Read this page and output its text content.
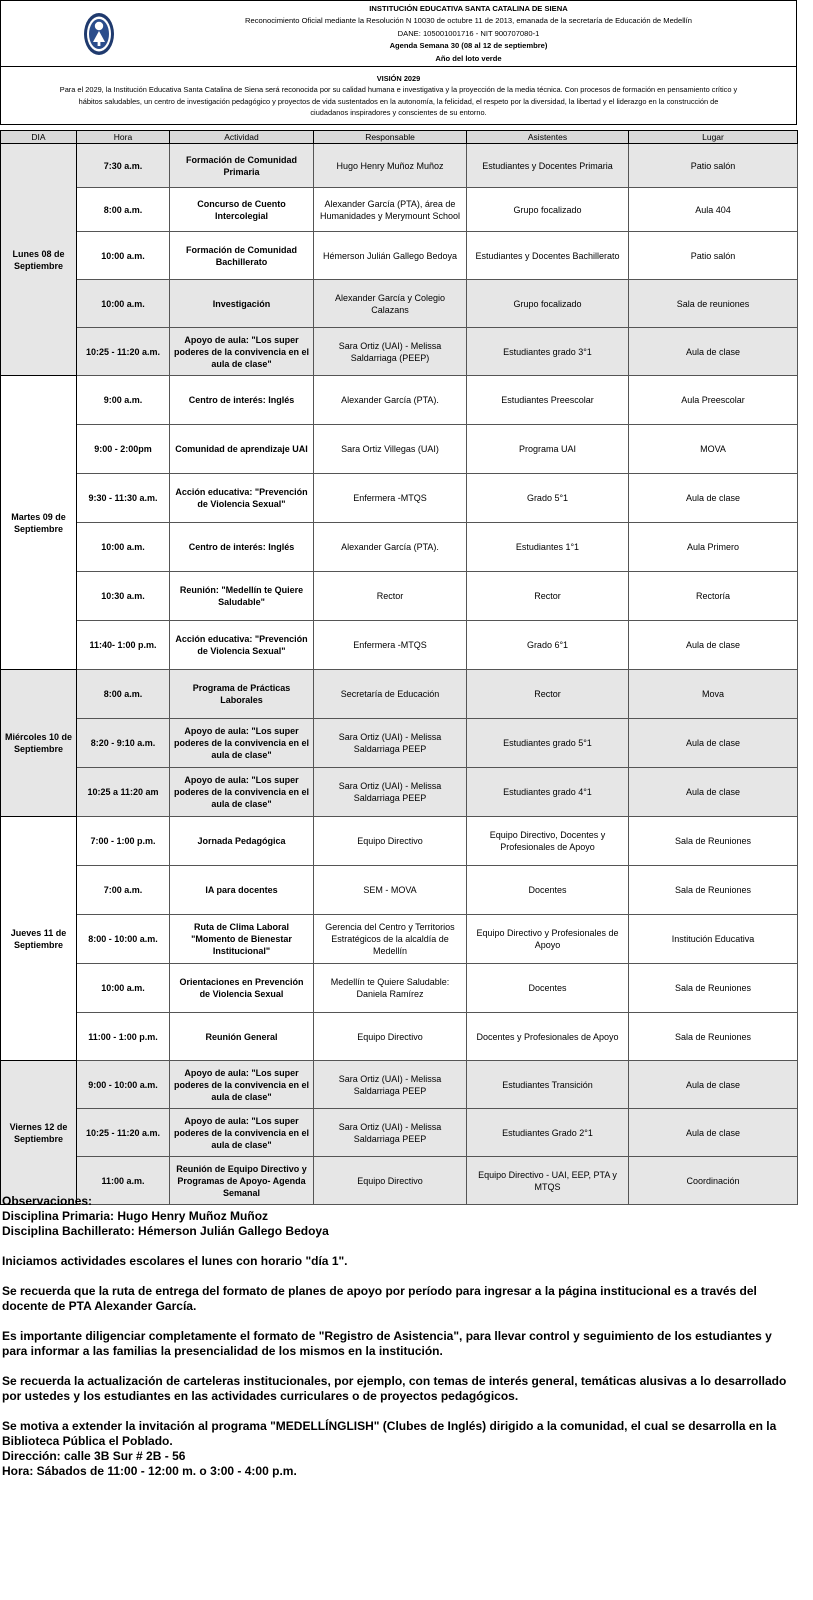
INSTITUCIÓN EDUCATIVA SANTA CATALINA DE SIENA
Reconocimiento Oficial mediante la Resolución N 10030 de octubre 11 de 2013, emanada de la secretaría de Educación de Medellín
DANE: 105001001716 - NIT 900707080-1
Agenda Semana 30 (08 al 12 de septiembre)
Año del loto verde
VISIÓN 2029
Para el 2029, la Institución Educativa Santa Catalina de Siena será reconocida por su calidad humana e investigativa y la proyección de la media técnica. Con procesos de formación en pensamiento crítico y
hábitos saludables, un centro de investigación pedagógico y proyectos de vida sustentados en la autonomía, la felicidad, el respeto por la diversidad, la libertad y el liderazgo en la construcción de
ciudadanos inspiradores y conscientes de su entorno.
DIA	Hora	Actividad	Responsable	Asistentes	Lugar
Lunes 08 de Septiembre	7:30 a.m.	Formación de Comunidad Primaria	Hugo Henry Muñoz Muñoz	Estudiantes y Docentes Primaria	Patio salón
	8:00 a.m.	Concurso de Cuento Intercolegial	Alexander García (PTA), área de Humanidades y Merymount School	Grupo focalizado	Aula 404
	10:00 a.m.	Formación de Comunidad Bachillerato	Hémerson Julián Gallego Bedoya	Estudiantes y Docentes Bachillerato	Patio salón
	10:00 a.m.	Investigación	Alexander García y Colegio Calazans	Grupo focalizado	Sala de reuniones
	10:25 - 11:20 a.m.	Apoyo de aula: "Los super poderes de la convivencia en el aula de clase"	Sara Ortiz (UAI) - Melissa Saldarriaga (PEEP)	Estudiantes grado 3°1	Aula de clase
Martes 09 de Septiembre	9:00 a.m.	Centro de interés: Inglés	Alexander García (PTA).	Estudiantes Preescolar	Aula Preescolar
	9:00 - 2:00pm	Comunidad de aprendizaje UAI	Sara Ortiz Villegas (UAI)	Programa UAI	MOVA
	9:30 - 11:30 a.m.	Acción educativa: "Prevención de Violencia Sexual"	Enfermera -MTQS	Grado 5°1	Aula de clase
	10:00 a.m.	Centro de interés: Inglés	Alexander García (PTA).	Estudiantes 1°1	Aula Primero
	10:30 a.m.	Reunión: "Medellín te Quiere Saludable"	Rector	Rector	Rectoría
	11:40- 1:00 p.m.	Acción educativa: "Prevención de Violencia Sexual"	Enfermera -MTQS	Grado 6°1	Aula de clase
Miércoles 10 de Septiembre	8:00 a.m.	Programa de Prácticas Laborales	Secretaría de Educación	Rector	Mova
	8:20 - 9:10 a.m.	Apoyo de aula: "Los super poderes de la convivencia en el aula de clase"	Sara Ortiz (UAI) - Melissa Saldarriaga PEEP	Estudiantes grado 5°1	Aula de clase
	10:25 a 11:20 am	Apoyo de aula: "Los super poderes de la convivencia en el aula de clase"	Sara Ortiz (UAI) - Melissa Saldarriaga PEEP	Estudiantes grado 4°1	Aula de clase
Jueves 11 de Septiembre	7:00 - 1:00 p.m.	Jornada Pedagógica	Equipo Directivo	Equipo Directivo, Docentes y Profesionales de Apoyo	Sala de Reuniones
	7:00 a.m.	IA para docentes	SEM - MOVA	Docentes	Sala de Reuniones
	8:00 - 10:00 a.m.	Ruta de Clima Laboral "Momento de Bienestar Institucional"	Gerencia del Centro y Territorios Estratégicos de la alcaldía de Medellín	Equipo Directivo y Profesionales de Apoyo	Institución Educativa
	10:00 a.m.	Orientaciones en Prevención de Violencia Sexual	Medellín te Quiere Saludable: Daniela Ramírez	Docentes	Sala de Reuniones
	11:00 - 1:00 p.m.	Reunión General	Equipo Directivo	Docentes y Profesionales de Apoyo	Sala de Reuniones
Viernes 12 de Septiembre	9:00 - 10:00 a.m.	Apoyo de aula: "Los super poderes de la convivencia en el aula de clase"	Sara Ortiz (UAI) - Melissa Saldarriaga PEEP	Estudiantes Transición	Aula de clase
	10:25 - 11:20 a.m.	Apoyo de aula: "Los super poderes de la convivencia en el aula de clase"	Sara Ortiz (UAI) - Melissa Saldarriaga PEEP	Estudiantes Grado 2°1	Aula de clase
	11:00 a.m.	Reunión de Equipo Directivo y Programas de Apoyo- Agenda Semanal	Equipo Directivo	Equipo Directivo - UAI, EEP, PTA y MTQS	Coordinación

Observaciones:

Disciplina Primaria: Hugo Henry Muñoz Muñoz

Disciplina Bachillerato: Hémerson Julián Gallego Bedoya

Iniciamos actividades escolares el lunes con horario "día 1".

Se recuerda que la ruta de entrega del formato de planes de apoyo por período para ingresar a la página institucional es a través del docente de PTA Alexander García.

Es importante diligenciar completamente el formato de "Registro de Asistencia", para llevar control y seguimiento de los estudiantes y para informar a las familias la presencialidad de los mismos en la institución.

Se recuerda la actualización de carteleras institucionales, por ejemplo, con temas de interés general, temáticas alusivas a lo desarrollado por ustedes y los estudiantes en las actividades curriculares o de proyectos pedagógicos.

Se motiva a extender la invitación al programa "MEDELLÍNGLISH" (Clubes de Inglés) dirigido a la comunidad, el cual se desarrolla en la Biblioteca Pública el Poblado.

Dirección: calle 3B Sur # 2B - 56

Hora: Sábados de 11:00 - 12:00 m. o 3:00 - 4:00 p.m.
